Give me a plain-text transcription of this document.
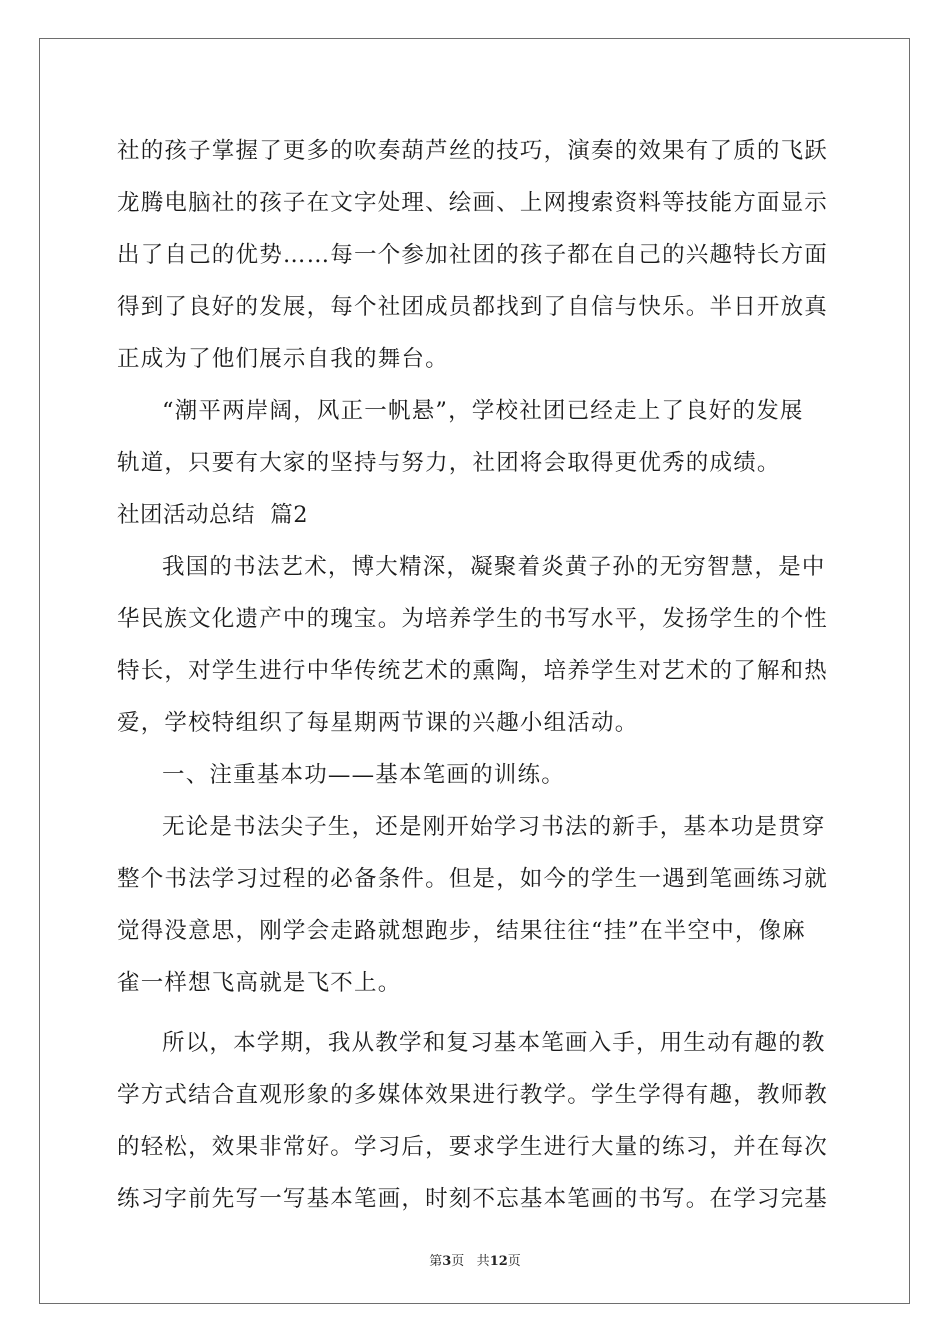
社的孩子掌握了更多的吹奏葫芦丝的技巧，演奏的效果有了质的飞跃
龙腾电脑社的孩子在文字处理、绘画、上网搜索资料等技能方面显示
出了自己的优势……每一个参加社团的孩子都在自己的兴趣特长方面
得到了良好的发展，每个社团成员都找到了自信与快乐。半日开放真
正成为了他们展示自我的舞台。
“潮平两岸阔，风正一帆悬”，学校社团已经走上了良好的发展
轨道，只要有大家的坚持与努力，社团将会取得更优秀的成绩。
社团活动总结  篇2
我国的书法艺术，博大精深，凝聚着炎黄子孙的无穷智慧，是中
华民族文化遗产中的瑰宝。为培养学生的书写水平，发扬学生的个性
特长，对学生进行中华传统艺术的熏陶，培养学生对艺术的了解和热
爱，学校特组织了每星期两节课的兴趣小组活动。
一、注重基本功——基本笔画的训练。
无论是书法尖子生，还是刚开始学习书法的新手，基本功是贯穿
整个书法学习过程的必备条件。但是，如今的学生一遇到笔画练习就
觉得没意思，刚学会走路就想跑步，结果往往“挂”在半空中，像麻
雀一样想飞高就是飞不上。
所以，本学期，我从教学和复习基本笔画入手，用生动有趣的教
学方式结合直观形象的多媒体效果进行教学。学生学得有趣，教师教
的轻松，效果非常好。学习后，要求学生进行大量的练习，并在每次
练习字前先写一写基本笔画，时刻不忘基本笔画的书写。在学习完基
第3页 共12页
